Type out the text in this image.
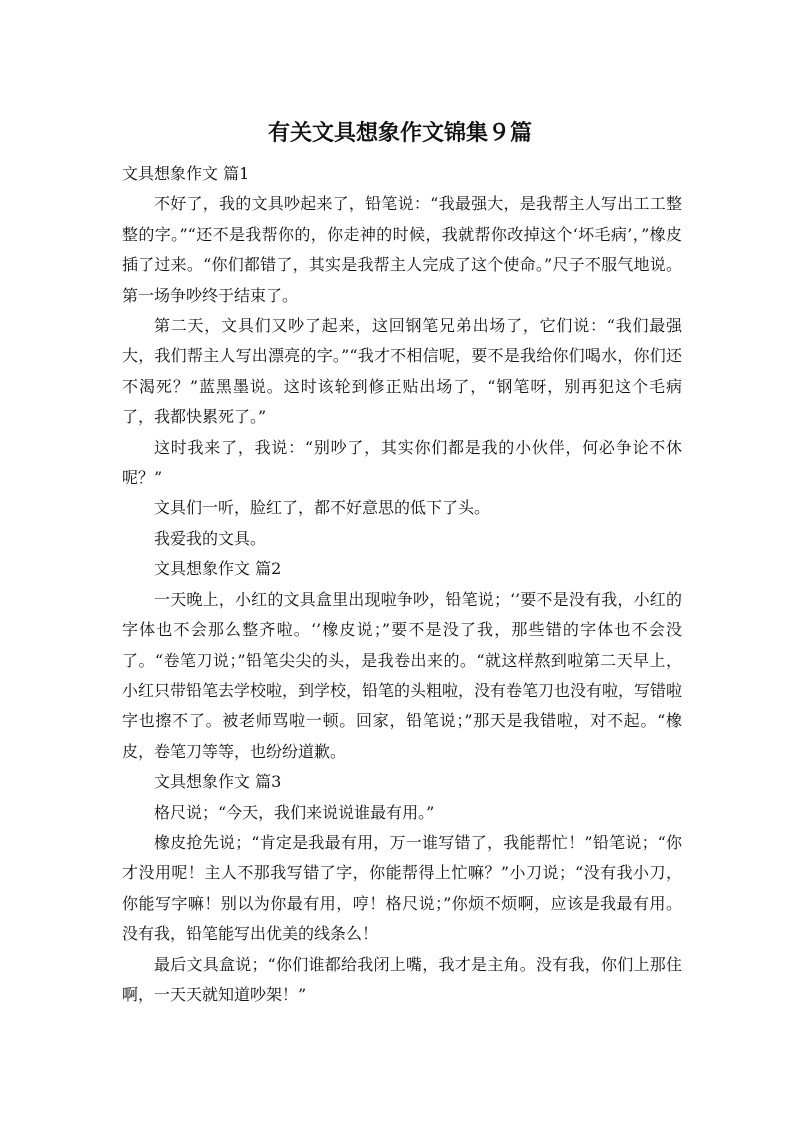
有关文具想象作文锦集９篇

文具想象作文 篇1

不好了，我的文具吵起来了，铅笔说：“我最强大，是我帮主人写出工工整整的字。”“还不是我帮你的，你走神的时候，我就帮你改掉这个‘坏毛病’，”橡皮插了过来。“你们都错了，其实是我帮主人完成了这个使命。”尺子不服气地说。第一场争吵终于结束了。

第二天，文具们又吵了起来，这回钢笔兄弟出场了，它们说：“我们最强大，我们帮主人写出漂亮的字。”“我才不相信呢，要不是我给你们喝水，你们还不渴死？”蓝黑墨说。这时该轮到修正贴出场了，“钢笔呀，别再犯这个毛病了，我都快累死了。”

这时我来了，我说：“别吵了，其实你们都是我的小伙伴，何必争论不休呢？”

文具们一听，脸红了，都不好意思的低下了头。

我爱我的文具。

文具想象作文 篇2

一天晚上，小红的文具盒里出现啦争吵，铅笔说；‘’要不是没有我，小红的字体也不会那么整齐啦。‘’橡皮说；”要不是没了我，那些错的字体也不会没了。“卷笔刀说；”铅笔尖尖的头，是我卷出来的。“就这样熬到啦第二天早上，小红只带铅笔去学校啦，到学校，铅笔的头粗啦，没有卷笔刀也没有啦，写错啦字也擦不了。被老师骂啦一顿。回家，铅笔说；”那天是我错啦，对不起。“橡皮，卷笔刀等等，也纷纷道歉。

文具想象作文 篇3

格尺说；“今天，我们来说说谁最有用。”

橡皮抢先说；“肯定是我最有用，万一谁写错了，我能帮忙！”铅笔说；“你才没用呢！主人不那我写错了字，你能帮得上忙嘛？”小刀说；“没有我小刀，你能写字嘛！别以为你最有用，哼！格尺说；”你烦不烦啊，应该是我最有用。没有我，铅笔能写出优美的线条么！

最后文具盒说；“你们谁都给我闭上嘴，我才是主角。没有我，你们上那住啊，一天天就知道吵架！”
